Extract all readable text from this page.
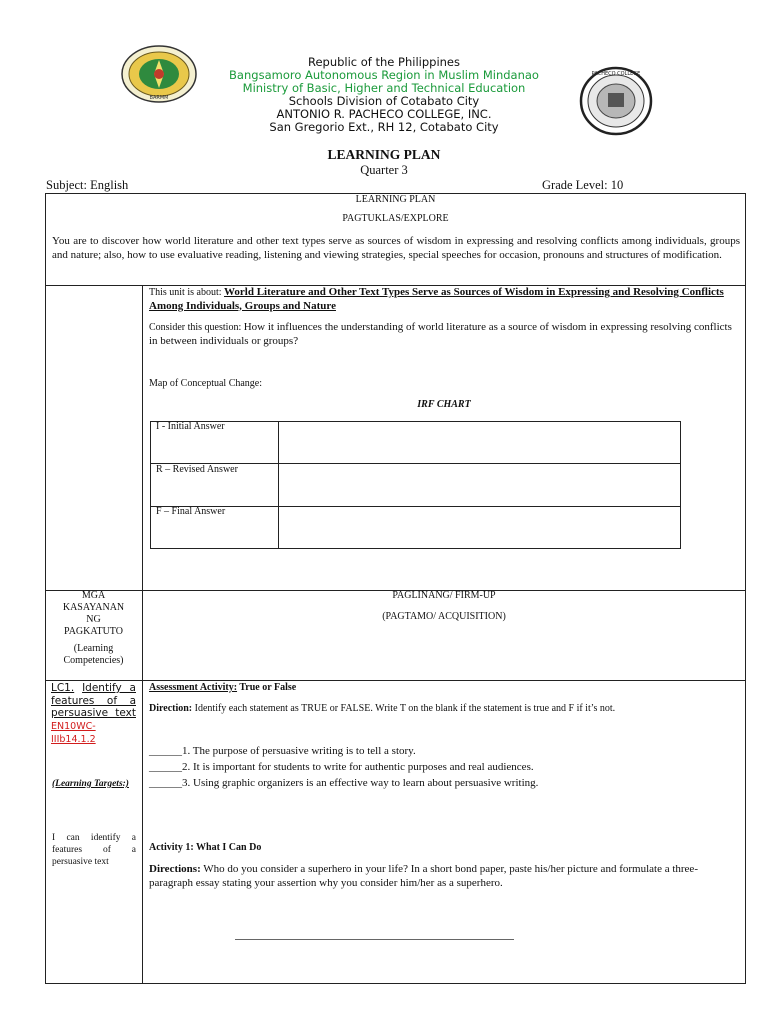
BARMM
PACHECO COLLEGE
Republic of the Philippines
Bangsamoro Autonomous Region in Muslim Mindanao
Ministry of Basic, Higher and Technical Education
Schools Division of Cotabato City
ANTONIO R. PACHECO COLLEGE, INC.
San Gregorio Ext., RH 12, Cotabato City
LEARNING PLAN
Quarter 3
Subject: English	Grade Level: 10
LEARNING PLAN
PAGTUKLAS/EXPLORE
You are to discover how world literature and other text types serve as sources of wisdom in expressing and resolving conflicts among individuals, groups and nature; also, how to use evaluative reading, listening and viewing strategies, special speeches for occasion, pronouns and structures of modification.
This unit is about: World Literature and Other Text Types Serve as Sources of Wisdom in Expressing and Resolving Conflicts Among Individuals, Groups and Nature
Consider this question: How it influences the understanding of world literature as a source of wisdom in expressing resolving conflicts in between individuals or groups?
Map of Conceptual Change:
IRF CHART
I - Initial Answer
R – Revised Answer
F – Final Answer
MGA
KASAYANAN
NG
PAGKATUTO
(Learning
Competencies)
PAGLINANG/ FIRM-UP
(PAGTAMO/ ACQUISITION)
LC1. Identify a features of a persuasive text EN10WC-IIIb14.1.2
(Learning Targets:)
I can identify a features of a persuasive text
Assessment Activity: True or False
Direction: Identify each statement as TRUE or FALSE. Write T on the blank if the statement is true and F if it’s not.
______1. The purpose of persuasive writing is to tell a story.
______2. It is important for students to write for authentic purposes and real audiences.
______3. Using graphic organizers is an effective way to learn about persuasive writing.
Activity 1: What I Can Do
Directions: Who do you consider a superhero in your life? In a short bond paper, paste his/her picture and formulate a three-paragraph essay stating your assertion why you consider him/her as a superhero.
